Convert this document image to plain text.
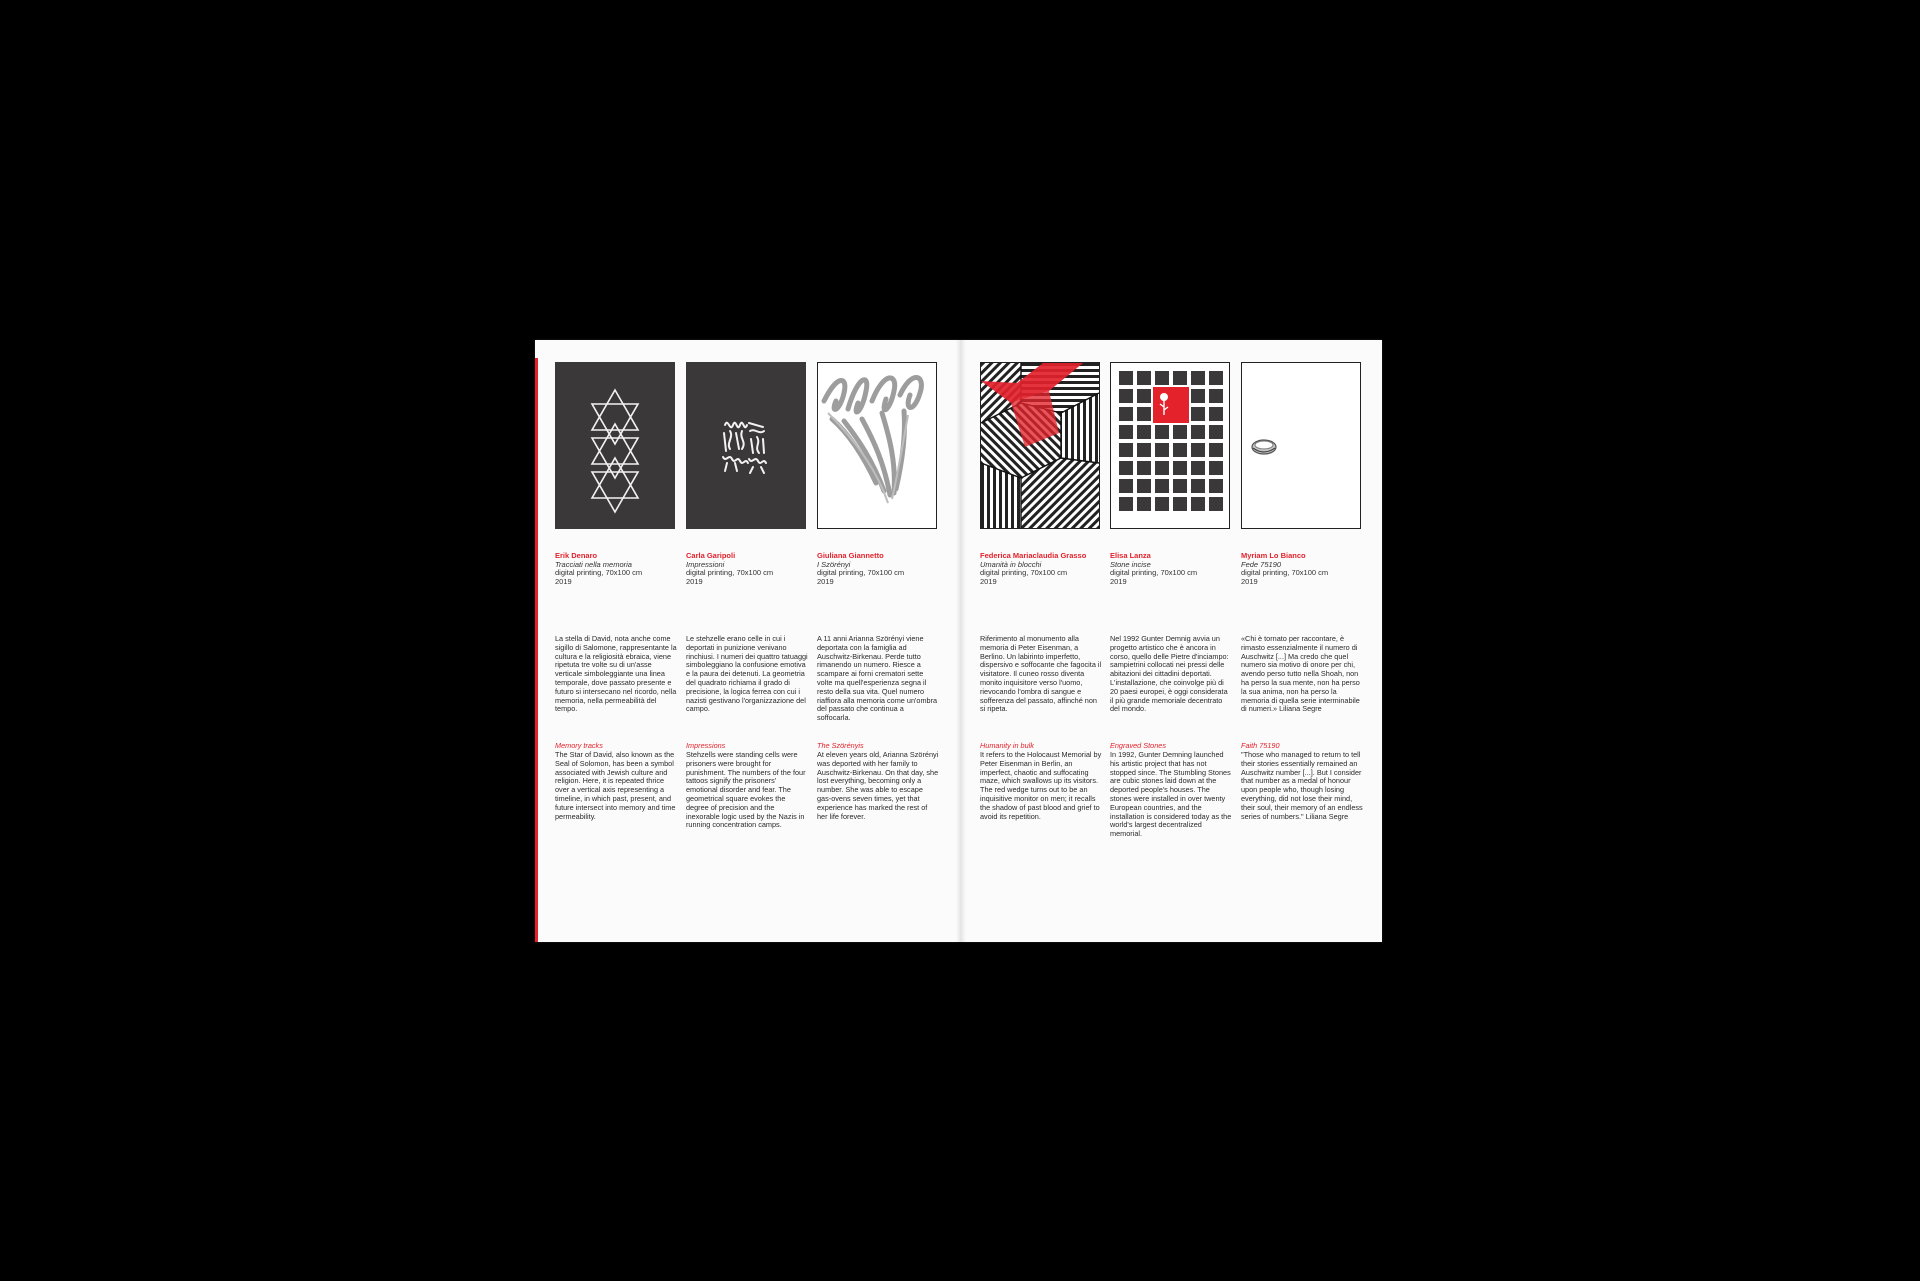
Erik Denaro
Tracciati nella memoria
digital printing, 70x100 cm
2019

La stella di David, nota anche come sigillo di Salomone, rappresentante la cultura e la religiosità ebraica, viene ripetuta tre volte su di un'asse verticale simboleggiante una linea temporale, dove passato presente e futuro si intersecano nel ricordo, nella memoria, nella permeabilità del tempo.

Memory tracks

The Star of David, also known as the Seal of Solomon, has been a symbol associated with Jewish culture and religion. Here, it is repeated thrice over a vertical axis representing a timeline, in which past, present, and future intersect into memory and time permeability.

Carla Garipoli
Impressioni
digital printing, 70x100 cm
2019

Le stehzelle erano celle in cui i deportati in punizione venivano rinchiusi. I numeri dei quattro tatuaggi simboleggiano la confusione emotiva e la paura dei detenuti. La geometria del quadrato richiama il grado di precisione, la logica ferrea con cui i nazisti gestivano l'organizzazione del campo.

Impressions

Stehzells were standing cells were prisoners were brought for punishment. The numbers of the four tattoos signify the prisoners' emotional disorder and fear. The geometrical square evokes the degree of precision and the inexorable logic used by the Nazis in running concentration camps.

Giuliana Giannetto
I Szörényi
digital printing, 70x100 cm
2019

A 11 anni Arianna Szörényi viene deportata con la famiglia ad Auschwitz-Birkenau. Perde tutto rimanendo un numero. Riesce a scampare ai forni crematori sette volte ma quell'esperienza segna il resto della sua vita. Quel numero riaffiora alla memoria come un'ombra del passato che continua a soffocarla.

The Szörényis

At eleven years old, Arianna Szörényi was deported with her family to Auschwitz-Birkenau. On that day, she lost everything, becoming only a number. She was able to escape gas-ovens seven times, yet that experience has marked the rest of her life forever.

Federica Mariaclaudia Grasso
Umanità in blocchi
digital printing, 70x100 cm
2019

Riferimento al monumento alla memoria di Peter Eisenman, a Berlino. Un labirinto imperfetto, dispersivo e soffocante che fagocita il visitatore. Il cuneo rosso diventa monito inquisitore verso l'uomo, rievocando l'ombra di sangue e sofferenza del passato, affinché non si ripeta.

Humanity in bulk

It refers to the Holocaust Memorial by Peter Eisenman in Berlin, an imperfect, chaotic and suffocating maze, which swallows up its visitors. The red wedge turns out to be an inquisitive monitor on men; it recalls the shadow of past blood and grief to avoid its repetition.

Elisa Lanza
Stone incise
digital printing, 70x100 cm
2019

Nel 1992 Gunter Demnig avvia un progetto artistico che è ancora in corso, quello delle Pietre d'inciampo: sampietrini collocati nei pressi delle abitazioni dei cittadini deportati. L'installazione, che coinvolge più di 20 paesi europei, è oggi considerata il più grande memoriale decentrato del mondo.

Engraved Stones

In 1992, Gunter Demning launched his artistic project that has not stopped since. The Stumbling Stones are cubic stones laid down at the deported people's houses. The stones were installed in over twenty European countries, and the installation is considered today as the world's largest decentralized memorial.

Myriam Lo Bianco
Fede 75190
digital printing, 70x100 cm
2019

«Chi è tornato per raccontare, è rimasto essenzialmente il numero di Auschwitz [...] Ma credo che quel numero sia motivo di onore per chi, avendo perso tutto nella Shoah, non ha perso la sua mente, non ha perso la sua anima, non ha perso la memoria di quella serie interminabile di numeri.» Liliana Segre

Faith 75190

"Those who managed to return to tell their stories essentially remained an Auschwitz number [...]. But I consider that number as a medal of honour upon people who, though losing everything, did not lose their mind, their soul, their memory of an endless series of numbers." Liliana Segre
